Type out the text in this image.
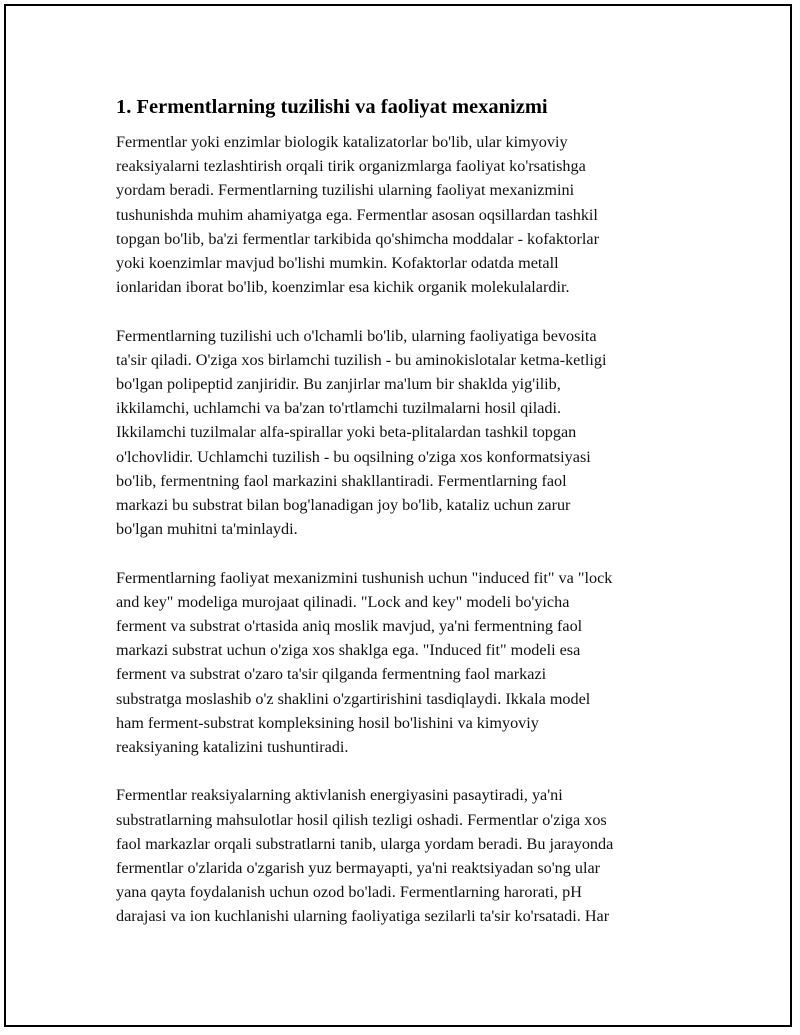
1. Fermentlarning tuzilishi va faoliyat mexanizmi

Fermentlar yoki enzimlar biologik katalizatorlar bo'lib, ular kimyoviy
reaksiyalarni tezlashtirish orqali tirik organizmlarga faoliyat ko'rsatishga
yordam beradi. Fermentlarning tuzilishi ularning faoliyat mexanizmini
tushunishda muhim ahamiyatga ega. Fermentlar asosan oqsillardan tashkil
topgan bo'lib, ba'zi fermentlar tarkibida qo'shimcha moddalar - kofaktorlar
yoki koenzimlar mavjud bo'lishi mumkin. Kofaktorlar odatda metall
ionlaridan iborat bo'lib, koenzimlar esa kichik organik molekulalardir.

Fermentlarning tuzilishi uch o'lchamli bo'lib, ularning faoliyatiga bevosita
ta'sir qiladi. O'ziga xos birlamchi tuzilish - bu aminokislotalar ketma-ketligi
bo'lgan polipeptid zanjiridir. Bu zanjirlar ma'lum bir shaklda yig'ilib,
ikkilamchi, uchlamchi va ba'zan to'rtlamchi tuzilmalarni hosil qiladi.
Ikkilamchi tuzilmalar alfa-spirallar yoki beta-plitalardan tashkil topgan
o'lchovlidir. Uchlamchi tuzilish - bu oqsilning o'ziga xos konformatsiyasi
bo'lib, fermentning faol markazini shakllantiradi. Fermentlarning faol
markazi bu substrat bilan bog'lanadigan joy bo'lib, kataliz uchun zarur
bo'lgan muhitni ta'minlaydi.

Fermentlarning faoliyat mexanizmini tushunish uchun "induced fit" va "lock
and key" modeliga murojaat qilinadi. "Lock and key" modeli bo'yicha
ferment va substrat o'rtasida aniq moslik mavjud, ya'ni fermentning faol
markazi substrat uchun o'ziga xos shaklga ega. "Induced fit" modeli esa
ferment va substrat o'zaro ta'sir qilganda fermentning faol markazi
substratga moslashib o'z shaklini o'zgartirishini tasdiqlaydi. Ikkala model
ham ferment-substrat kompleksining hosil bo'lishini va kimyoviy
reaksiyaning katalizini tushuntiradi.

Fermentlar reaksiyalarning aktivlanish energiyasini pasaytiradi, ya'ni
substratlarning mahsulotlar hosil qilish tezligi oshadi. Fermentlar o'ziga xos
faol markazlar orqali substratlarni tanib, ularga yordam beradi. Bu jarayonda
fermentlar o'zlarida o'zgarish yuz bermayapti, ya'ni reaktsiyadan so'ng ular
yana qayta foydalanish uchun ozod bo'ladi. Fermentlarning harorati, pH
darajasi va ion kuchlanishi ularning faoliyatiga sezilarli ta'sir ko'rsatadi. Har
